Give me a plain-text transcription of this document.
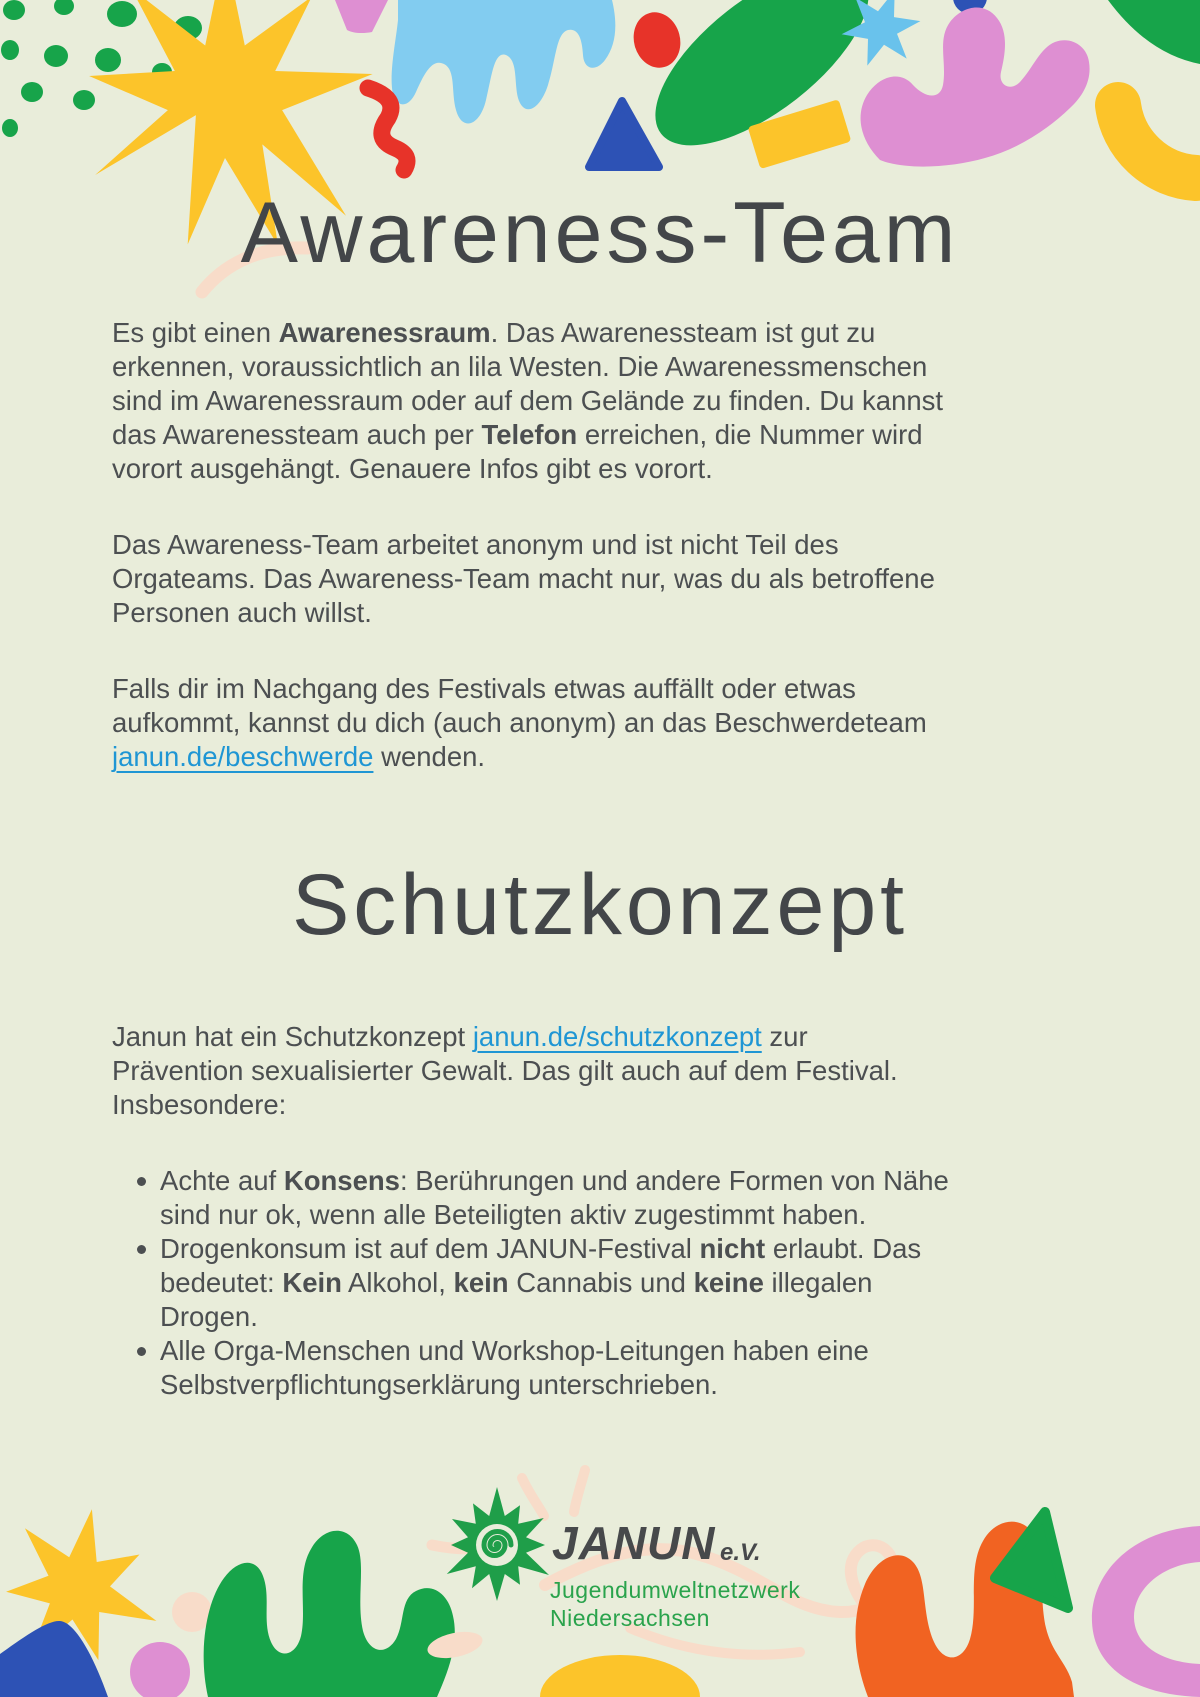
Awareness-Team
Es gibt einen Awarenessraum. Das Awarenessteam ist gut zu
erkennen, voraussichtlich an lila Westen. Die Awarenessmenschen
sind im Awarenessraum oder auf dem Gelände zu finden. Du kannst
das Awarenessteam auch per Telefon erreichen, die Nummer wird
vorort ausgehängt. Genauere Infos gibt es vorort.
Das Awareness-Team arbeitet anonym und ist nicht Teil des
Orgateams. Das Awareness-Team macht nur, was du als betroffene
Personen auch willst.
Falls dir im Nachgang des Festivals etwas auffällt oder etwas
aufkommt, kannst du dich (auch anonym) an das Beschwerdeteam
janun.de/beschwerde wenden.
Schutzkonzept
Janun hat ein Schutzkonzept janun.de/schutzkonzept zur
Prävention sexualisierter Gewalt. Das gilt auch auf dem Festival.
Insbesondere:
Achte auf Konsens: Berührungen und andere Formen von Nähe
sind nur ok, wenn alle Beteiligten aktiv zugestimmt haben.
Drogenkonsum ist auf dem JANUN-Festival nicht erlaubt. Das
bedeutet: Kein Alkohol, kein Cannabis und keine illegalen
Drogen.
Alle Orga-Menschen und Workshop-Leitungen haben eine
Selbstverpflichtungserklärung unterschrieben.
JANUN e.V.
Jugendumweltnetzwerk
Niedersachsen
